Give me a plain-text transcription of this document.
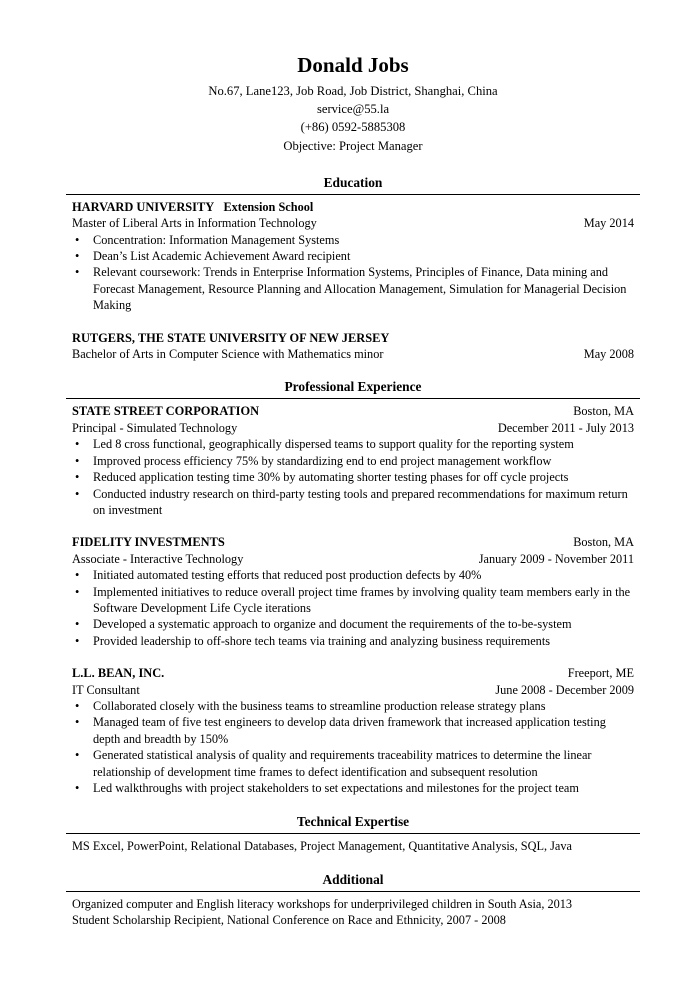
Donald Jobs
No.67, Lane123, Job Road, Job District, Shanghai, China
service@55.la
(+86) 0592-5885308
Objective: Project Manager
Education
HARVARD UNIVERSITY Extension School
Master of Liberal Arts in Information Technology	May 2014
• Concentration: Information Management Systems
• Dean’s List Academic Achievement Award recipient
• Relevant coursework: Trends in Enterprise Information Systems, Principles of Finance, Data mining and Forecast Management, Resource Planning and Allocation Management, Simulation for Managerial Decision Making
RUTGERS, THE STATE UNIVERSITY OF NEW JERSEY
Bachelor of Arts in Computer Science with Mathematics minor	May 2008
Professional Experience
STATE STREET CORPORATION	Boston, MA
Principal - Simulated Technology	December 2011 - July 2013
• Led 8 cross functional, geographically dispersed teams to support quality for the reporting system
• Improved process efficiency 75% by standardizing end to end project management workflow
• Reduced application testing time 30% by automating shorter testing phases for off cycle projects
• Conducted industry research on third-party testing tools and prepared recommendations for maximum return on investment
FIDELITY INVESTMENTS	Boston, MA
Associate - Interactive Technology	January 2009 - November 2011
• Initiated automated testing efforts that reduced post production defects by 40%
• Implemented initiatives to reduce overall project time frames by involving quality team members early in the Software Development Life Cycle iterations
• Developed a systematic approach to organize and document the requirements of the to-be-system
• Provided leadership to off-shore tech teams via training and analyzing business requirements
L.L. BEAN, INC.	Freeport, ME
IT Consultant	June 2008 - December 2009
• Collaborated closely with the business teams to streamline production release strategy plans
• Managed team of five test engineers to develop data driven framework that increased application testing depth and breadth by 150%
• Generated statistical analysis of quality and requirements traceability matrices to determine the linear relationship of development time frames to defect identification and subsequent resolution
• Led walkthroughs with project stakeholders to set expectations and milestones for the project team
Technical Expertise
MS Excel, PowerPoint, Relational Databases, Project Management, Quantitative Analysis, SQL, Java
Additional
Organized computer and English literacy workshops for underprivileged children in South Asia, 2013
Student Scholarship Recipient, National Conference on Race and Ethnicity, 2007 - 2008
